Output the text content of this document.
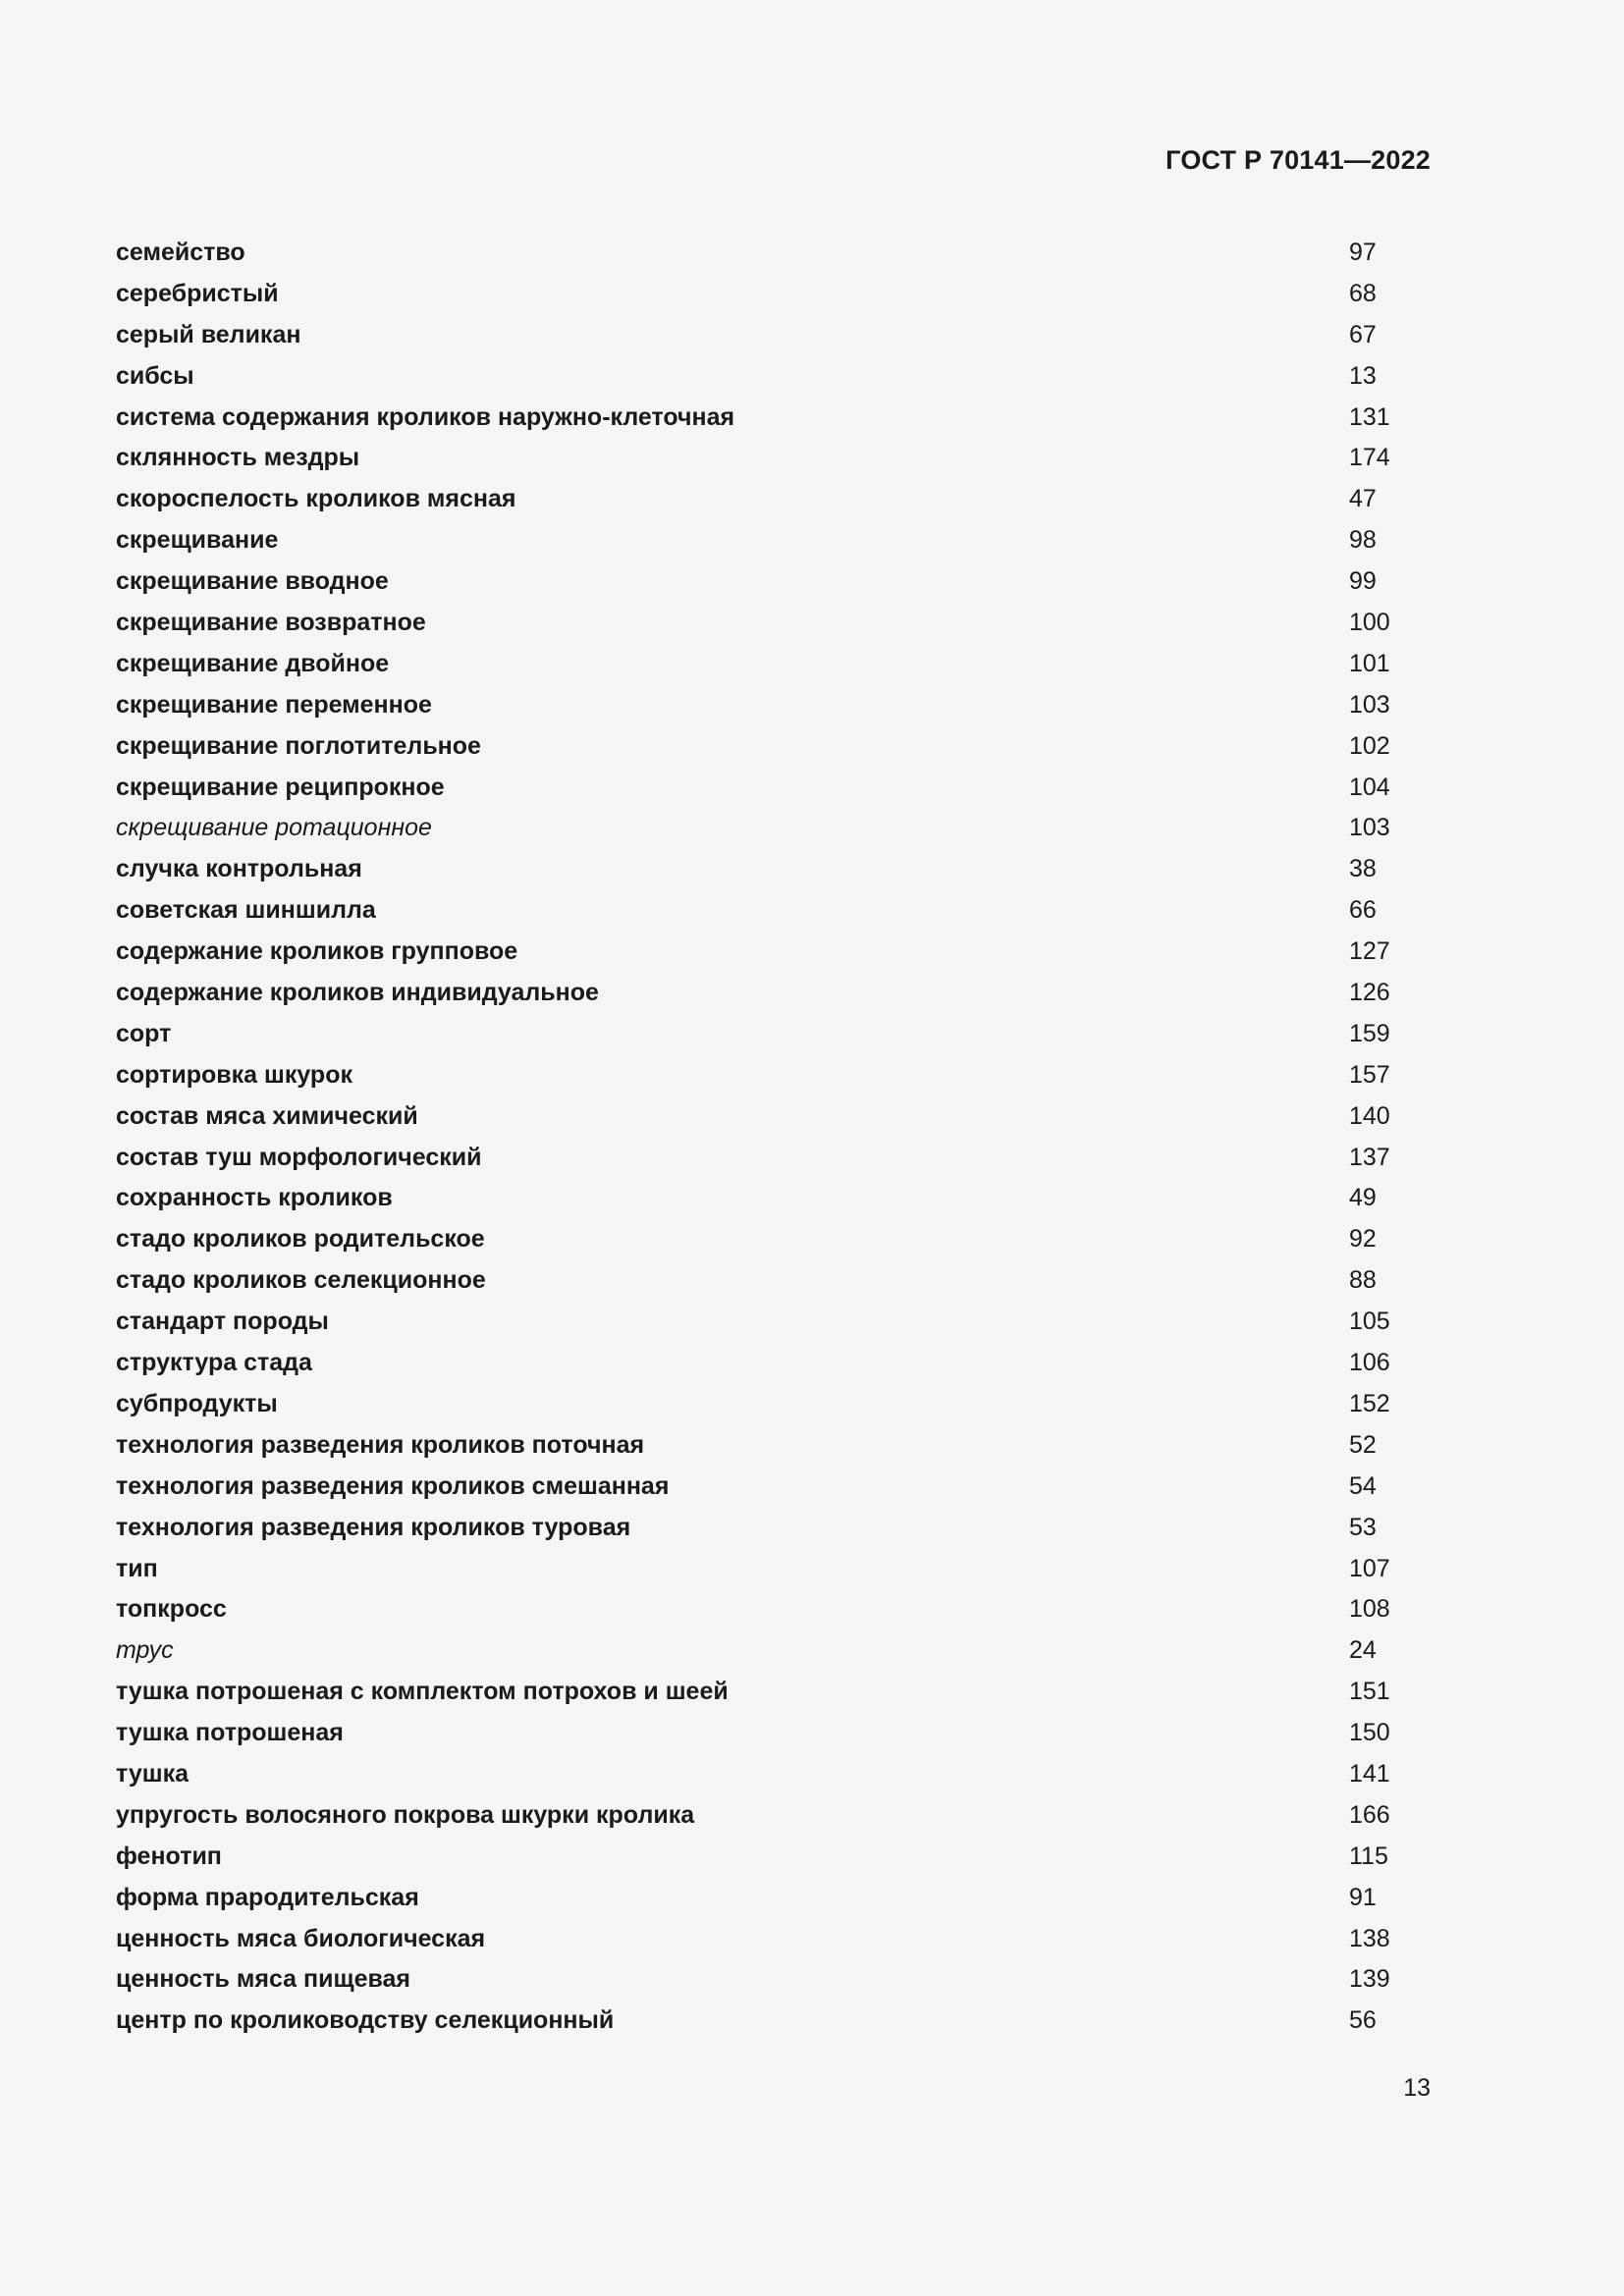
ГОСТ Р 70141—2022
семейство	97
серебристый	68
серый великан	67
сибсы	13
система содержания кроликов наружно-клеточная	131
склянность мездры	174
скороспелость кроликов мясная	47
скрещивание	98
скрещивание вводное	99
скрещивание возвратное	100
скрещивание двойное	101
скрещивание переменное	103
скрещивание поглотительное	102
скрещивание реципрокное	104
скрещивание ротационное	103
случка контрольная	38
советская шиншилла	66
содержание кроликов групповое	127
содержание кроликов индивидуальное	126
сорт	159
сортировка шкурок	157
состав мяса химический	140
состав туш морфологический	137
сохранность кроликов	49
стадо кроликов родительское	92
стадо кроликов селекционное	88
стандарт породы	105
структура стада	106
субпродукты	152
технология разведения кроликов поточная	52
технология разведения кроликов смешанная	54
технология разведения кроликов туровая	53
тип	107
топкросс	108
трус	24
тушка потрошеная с комплектом потрохов и шеей	151
тушка потрошеная	150
тушка	141
упругость волосяного покрова шкурки кролика	166
фенотип	115
форма прародительская	91
ценность мяса биологическая	138
ценность мяса пищевая	139
центр по кролиководству селекционный	56
13
